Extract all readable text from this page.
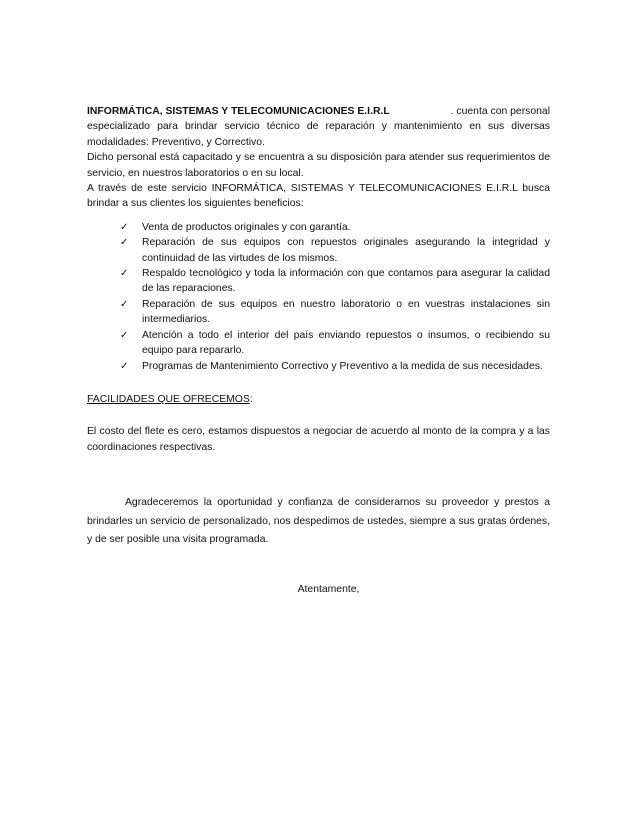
INFORMÁTICA, SISTEMAS Y TELECOMUNICACIONES E.I.R.L	. cuenta con personal
especializado para brindar servicio técnico de reparación y mantenimiento en sus diversas modalidades: Preventivo, y Correctivo.
Dicho personal está capacitado y se encuentra a su disposición para atender sus requerimientos de servicio, en nuestros laboratorios o en su local.
A través de este servicio INFORMÁTICA, SISTEMAS Y TELECOMUNICACIONES E.I.R.L busca brindar a sus clientes los siguientes beneficios:
✓ Venta de productos originales y con garantía.
✓ Reparación de sus equipos con repuestos originales asegurando la integridad y continuidad de las virtudes de los mismos.
✓ Respaldo tecnológico y toda la información con que contamos para asegurar la calidad de las reparaciones.
✓ Reparación de sus equipos en nuestro laboratorio o en vuestras instalaciones sin intermediarios.
✓ Atención a todo el interior del país enviando repuestos o insumos, o recibiendo su equipo para repararlo.
✓ Programas de Mantenimiento Correctivo y Preventivo a la medida de sus necesidades.
FACILIDADES QUE OFRECEMOS:
El costo del flete es cero, estamos dispuestos a negociar de acuerdo al monto de la compra y a las coordinaciones respectivas.
Agradeceremos la oportunidad y confianza de considerarnos su proveedor y prestos a brindarles un servicio de personalizado, nos despedimos de ustedes, siempre a sus gratas órdenes, y de ser posible una visita programada.
Atentamente,
